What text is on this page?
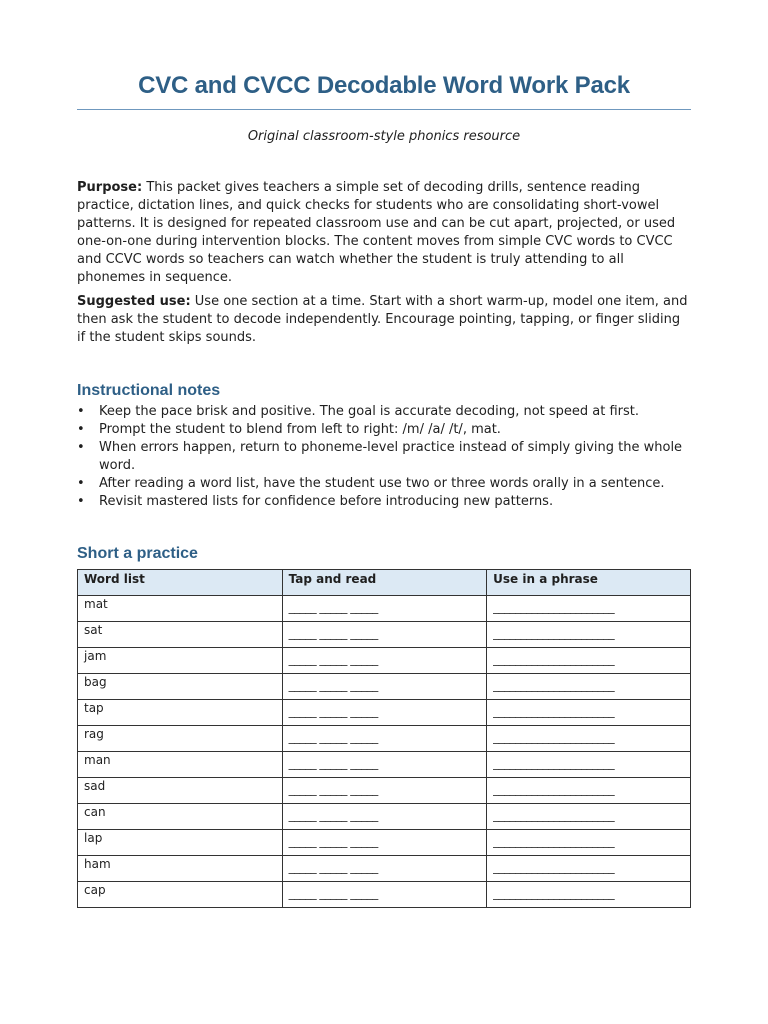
CVC and CVCC Decodable Word Work Pack

Original classroom-style phonics resource

Purpose: This packet gives teachers a simple set of decoding drills, sentence reading practice, dictation lines, and quick checks for students who are consolidating short-vowel patterns. It is designed for repeated classroom use and can be cut apart, projected, or used one-on-one during intervention blocks. The content moves from simple CVC words to CVCC and CCVC words so teachers can watch whether the student is truly attending to all phonemes in sequence.

Suggested use: Use one section at a time. Start with a short warm-up, model one item, and then ask the student to decode independently. Encourage pointing, tapping, or finger sliding if the student skips sounds.

Instructional notes
• Keep the pace brisk and positive. The goal is accurate decoding, not speed at first.
• Prompt the student to blend from left to right: /m/ /a/ /t/, mat.
• When errors happen, return to phoneme-level practice instead of simply giving the whole word.
• After reading a word list, have the student use two or three words orally in a sentence.
• Revisit mastered lists for confidence before introducing new patterns.
Short a practice
Word list	Tap and read	Use in a phrase
mat	_____ _____ _____	______________________
sat	_____ _____ _____	______________________
jam	_____ _____ _____	______________________
bag	_____ _____ _____	______________________
tap	_____ _____ _____	______________________
rag	_____ _____ _____	______________________
man	_____ _____ _____	______________________
sad	_____ _____ _____	______________________
can	_____ _____ _____	______________________
lap	_____ _____ _____	______________________
ham	_____ _____ _____	______________________
cap	_____ _____ _____	______________________
